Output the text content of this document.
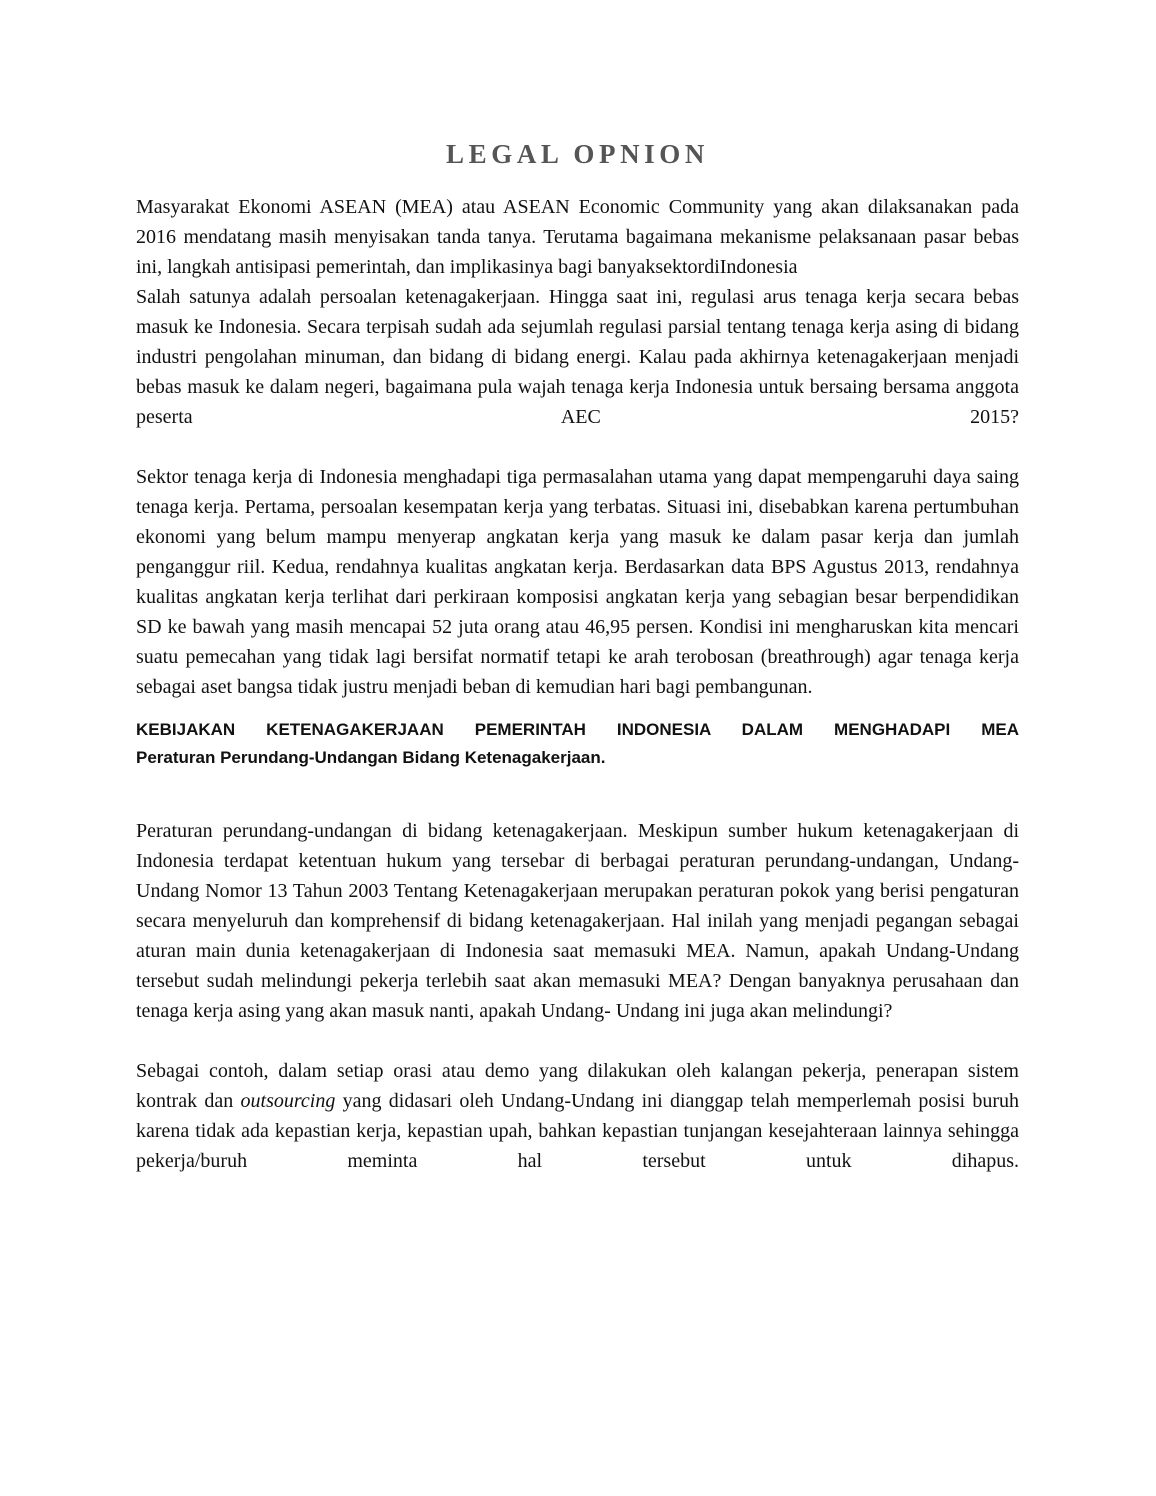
LEGAL OPNION

Masyarakat Ekonomi ASEAN (MEA) atau ASEAN Economic Community yang akan dilaksanakan pada 2016 mendatang masih menyisakan tanda tanya. Terutama bagaimana mekanisme pelaksanaan pasar bebas ini, langkah antisipasi pemerintah, dan implikasinya bagi banyaksektordiIndonesia

Salah satunya adalah persoalan ketenagakerjaan. Hingga saat ini, regulasi arus tenaga kerja secara bebas masuk ke Indonesia. Secara terpisah sudah ada sejumlah regulasi parsial tentang tenaga kerja asing di bidang industri pengolahan minuman, dan bidang di bidang energi. Kalau pada akhirnya ketenagakerjaan menjadi bebas masuk ke dalam negeri, bagaimana pula wajah tenaga kerja Indonesia untuk bersaing bersama anggota peserta AEC 2015?

Sektor tenaga kerja di Indonesia menghadapi tiga permasalahan utama yang dapat mempengaruhi daya saing tenaga kerja. Pertama, persoalan kesempatan kerja yang terbatas. Situasi ini, disebabkan karena pertumbuhan ekonomi yang belum mampu menyerap angkatan kerja yang masuk ke dalam pasar kerja dan jumlah penganggur riil. Kedua, rendahnya kualitas angkatan kerja. Berdasarkan data BPS Agustus 2013, rendahnya kualitas angkatan kerja terlihat dari perkiraan komposisi angkatan kerja yang sebagian besar berpendidikan SD ke bawah yang masih mencapai 52 juta orang atau 46,95 persen. Kondisi ini mengharuskan kita mencari suatu pemecahan yang tidak lagi bersifat normatif tetapi ke arah terobosan (breathrough) agar tenaga kerja sebagai aset bangsa tidak justru menjadi beban di kemudian hari bagi pembangunan.

KEBIJAKAN KETENAGAKERJAAN PEMERINTAH INDONESIA DALAM MENGHADAPI MEA
Peraturan Perundang-Undangan Bidang Ketenagakerjaan.

Peraturan perundang-undangan di bidang ketenagakerjaan. Meskipun sumber hukum ketenagakerjaan di Indonesia terdapat ketentuan hukum yang tersebar di berbagai peraturan perundang-undangan, Undang-Undang Nomor 13 Tahun 2003 Tentang Ketenagakerjaan merupakan peraturan pokok yang berisi pengaturan secara menyeluruh dan komprehensif di bidang ketenagakerjaan. Hal inilah yang menjadi pegangan sebagai aturan main dunia ketenagakerjaan di Indonesia saat memasuki MEA. Namun, apakah Undang-Undang tersebut sudah melindungi pekerja terlebih saat akan memasuki MEA? Dengan banyaknya perusahaan dan tenaga kerja asing yang akan masuk nanti, apakah Undang- Undang ini juga akan melindungi?

Sebagai contoh, dalam setiap orasi atau demo yang dilakukan oleh kalangan pekerja, penerapan sistem kontrak dan outsourcing yang didasari oleh Undang-Undang ini dianggap telah memperlemah posisi buruh karena tidak ada kepastian kerja, kepastian upah, bahkan kepastian tunjangan kesejahteraan lainnya sehingga pekerja/buruh meminta hal tersebut untuk dihapus.
